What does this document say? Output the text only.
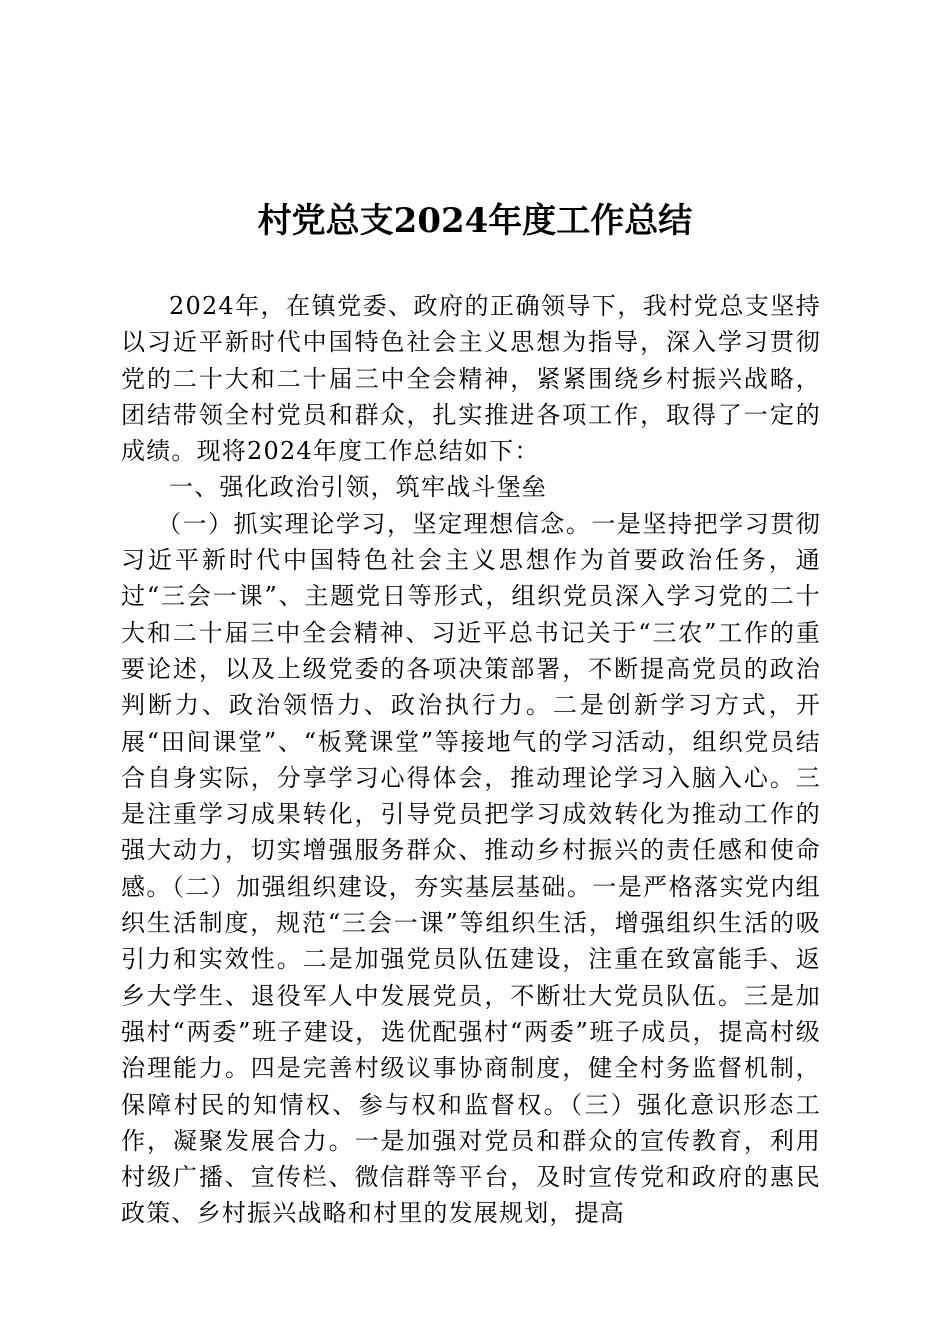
村党总支2024年度工作总结

2024年，在镇党委、政府的正确领导下，我村党总支坚持以习近平新时代中国特色社会主义思想为指导，深入学习贯彻党的二十大和二十届三中全会精神，紧紧围绕乡村振兴战略，团结带领全村党员和群众，扎实推进各项工作，取得了一定的成绩。现将2024年度工作总结如下：

一、强化政治引领，筑牢战斗堡垒

（一）抓实理论学习，坚定理想信念。一是坚持把学习贯彻习近平新时代中国特色社会主义思想作为首要政治任务，通过“三会一课”、主题党日等形式，组织党员深入学习党的二十大和二十届三中全会精神、习近平总书记关于“三农”工作的重要论述，以及上级党委的各项决策部署，不断提高党员的政治判断力、政治领悟力、政治执行力。二是创新学习方式，开展“田间课堂”、“板凳课堂”等接地气的学习活动，组织党员结合自身实际，分享学习心得体会，推动理论学习入脑入心。三是注重学习成果转化，引导党员把学习成效转化为推动工作的强大动力，切实增强服务群众、推动乡村振兴的责任感和使命感。（二）加强组织建设，夯实基层基础。一是严格落实党内组织生活制度，规范“三会一课”等组织生活，增强组织生活的吸引力和实效性。二是加强党员队伍建设，注重在致富能手、返乡大学生、退役军人中发展党员，不断壮大党员队伍。三是加强村“两委”班子建设，选优配强村“两委”班子成员，提高村级治理能力。四是完善村级议事协商制度，健全村务监督机制，保障村民的知情权、参与权和监督权。（三）强化意识形态工作，凝聚发展合力。一是加强对党员和群众的宣传教育，利用村级广播、宣传栏、微信群等平台，及时宣传党和政府的惠民政策、乡村振兴战略和村里的发展规划，提高
